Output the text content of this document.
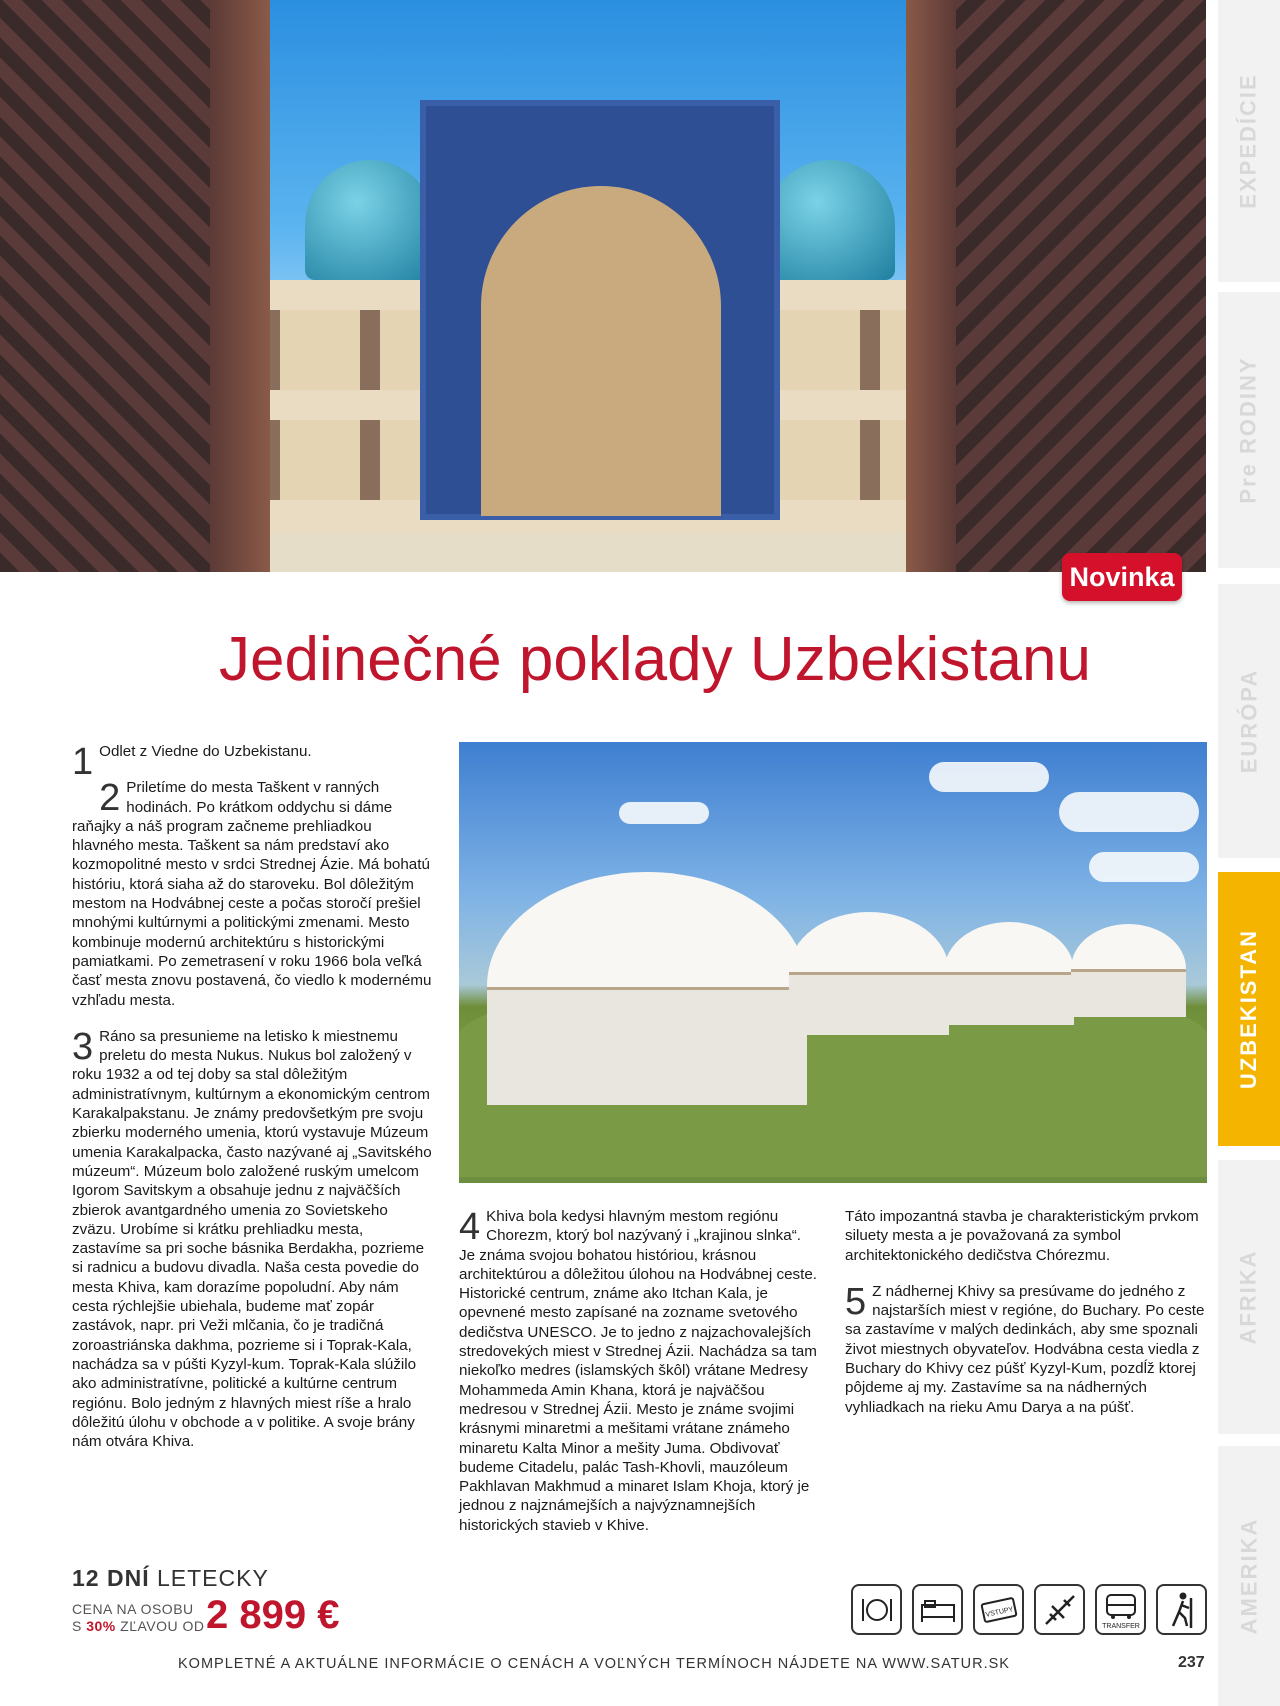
Novinka
EXPEDÍCIE
Pre RODINY
EURÓPA
UZBEKISTAN
AFRIKA
AMERIKA
Jedinečné poklady Uzbekistanu

1 Odlet z Viedne do Uzbekistanu.

2 Priletíme do mesta Taškent v ranných hodinách. Po krátkom oddychu si dáme raňajky a náš program začneme prehliadkou hlavného mesta. Taškent sa nám predstaví ako kozmopolitné mesto v srdci Strednej Ázie. Má bohatú históriu, ktorá siaha až do staroveku. Bol dôležitým mestom na Hodvábnej ceste a počas storočí prešiel mnohými kultúrnymi a politickými zmenami. Mesto kombinuje modernú architektúru s historickými pamiatkami. Po zemetrasení v roku 1966 bola veľká časť mesta znovu postavená, čo viedlo k modernému vzhľadu mesta.

3 Ráno sa presunieme na letisko k miestnemu preletu do mesta Nukus. Nukus bol založený v roku 1932 a od tej doby sa stal dôležitým administratívnym, kultúrnym a ekonomickým centrom Karakalpakstanu. Je známy predovšetkým pre svoju zbierku moderného umenia, ktorú vystavuje Múzeum umenia Karakalpacka, často nazývané aj „Savitského múzeum“. Múzeum bolo založené ruským umelcom Igorom Savitskym a obsahuje jednu z najväčších zbierok avantgardného umenia zo Sovietskeho zväzu. Urobíme si krátku prehliadku mesta, zastavíme sa pri soche básnika Berdakha, pozrieme si radnicu a budovu divadla. Naša cesta povedie do mesta Khiva, kam dorazíme popoludní. Aby nám cesta rýchlejšie ubiehala, budeme mať zopár zastávok, napr. pri Veži mlčania, čo je tradičná zoroastriánska dakhma, pozrieme si i Toprak-Kala, nachádza sa v púšti Kyzyl-kum. Toprak-Kala slúžilo ako administratívne, politické a kultúrne centrum regiónu. Bolo jedným z hlavných miest ríše a hralo dôležitú úlohu v obchode a v politike. A svoje brány nám otvára Khiva.

4 Khiva bola kedysi hlavným mestom regiónu Chorezm, ktorý bol nazývaný i „krajinou slnka“. Je známa svojou bohatou históriou, krásnou architektúrou a dôležitou úlohou na Hodvábnej ceste. Historické centrum, známe ako Itchan Kala, je opevnené mesto zapísané na zozname svetového dedičstva UNESCO. Je to jedno z najzachovalejších stredovekých miest v Strednej Ázii. Nachádza sa tam niekoľko medres (islamských škôl) vrátane Medresy Mohammeda Amin Khana, ktorá je najväčšou medresou v Strednej Ázii. Mesto je známe svojimi krásnymi minaretmi a mešitami vrátane známeho minaretu Kalta Minor a mešity Juma. Obdivovať budeme Citadelu, palác Tash-Khovli, mauzóleum Pakhlavan Makhmud a minaret Islam Khoja, ktorý je jednou z najznámejších a najvýznamnejších historických stavieb v Khive.

Táto impozantná stavba je charakteristickým prvkom siluety mesta a je považovaná za symbol architektonického dedičstva Chórezmu.

5 Z nádhernej Khivy sa presúvame do jedného z najstarších miest v regióne, do Buchary. Po ceste sa zastavíme v malých dedinkách, aby sme spoznali život miestnych obyvateľov. Hodvábna cesta viedla z Buchary do Khivy cez púšť Kyzyl-Kum, pozdĺž ktorej pôjdeme aj my. Zastavíme sa na nádherných vyhliadkach na rieku Amu Darya a na púšť.

12 DNÍ LETECKY
CENA NA OSOBU
S 30% ZĽAVOU OD 2 899 €	VSTUPY
TRANSFER
KOMPLETNÉ A AKTUÁLNE INFORMÁCIE O CENÁCH A VOĽNÝCH TERMÍNOCH NÁJDETE NA WWW.SATUR.SK	237
